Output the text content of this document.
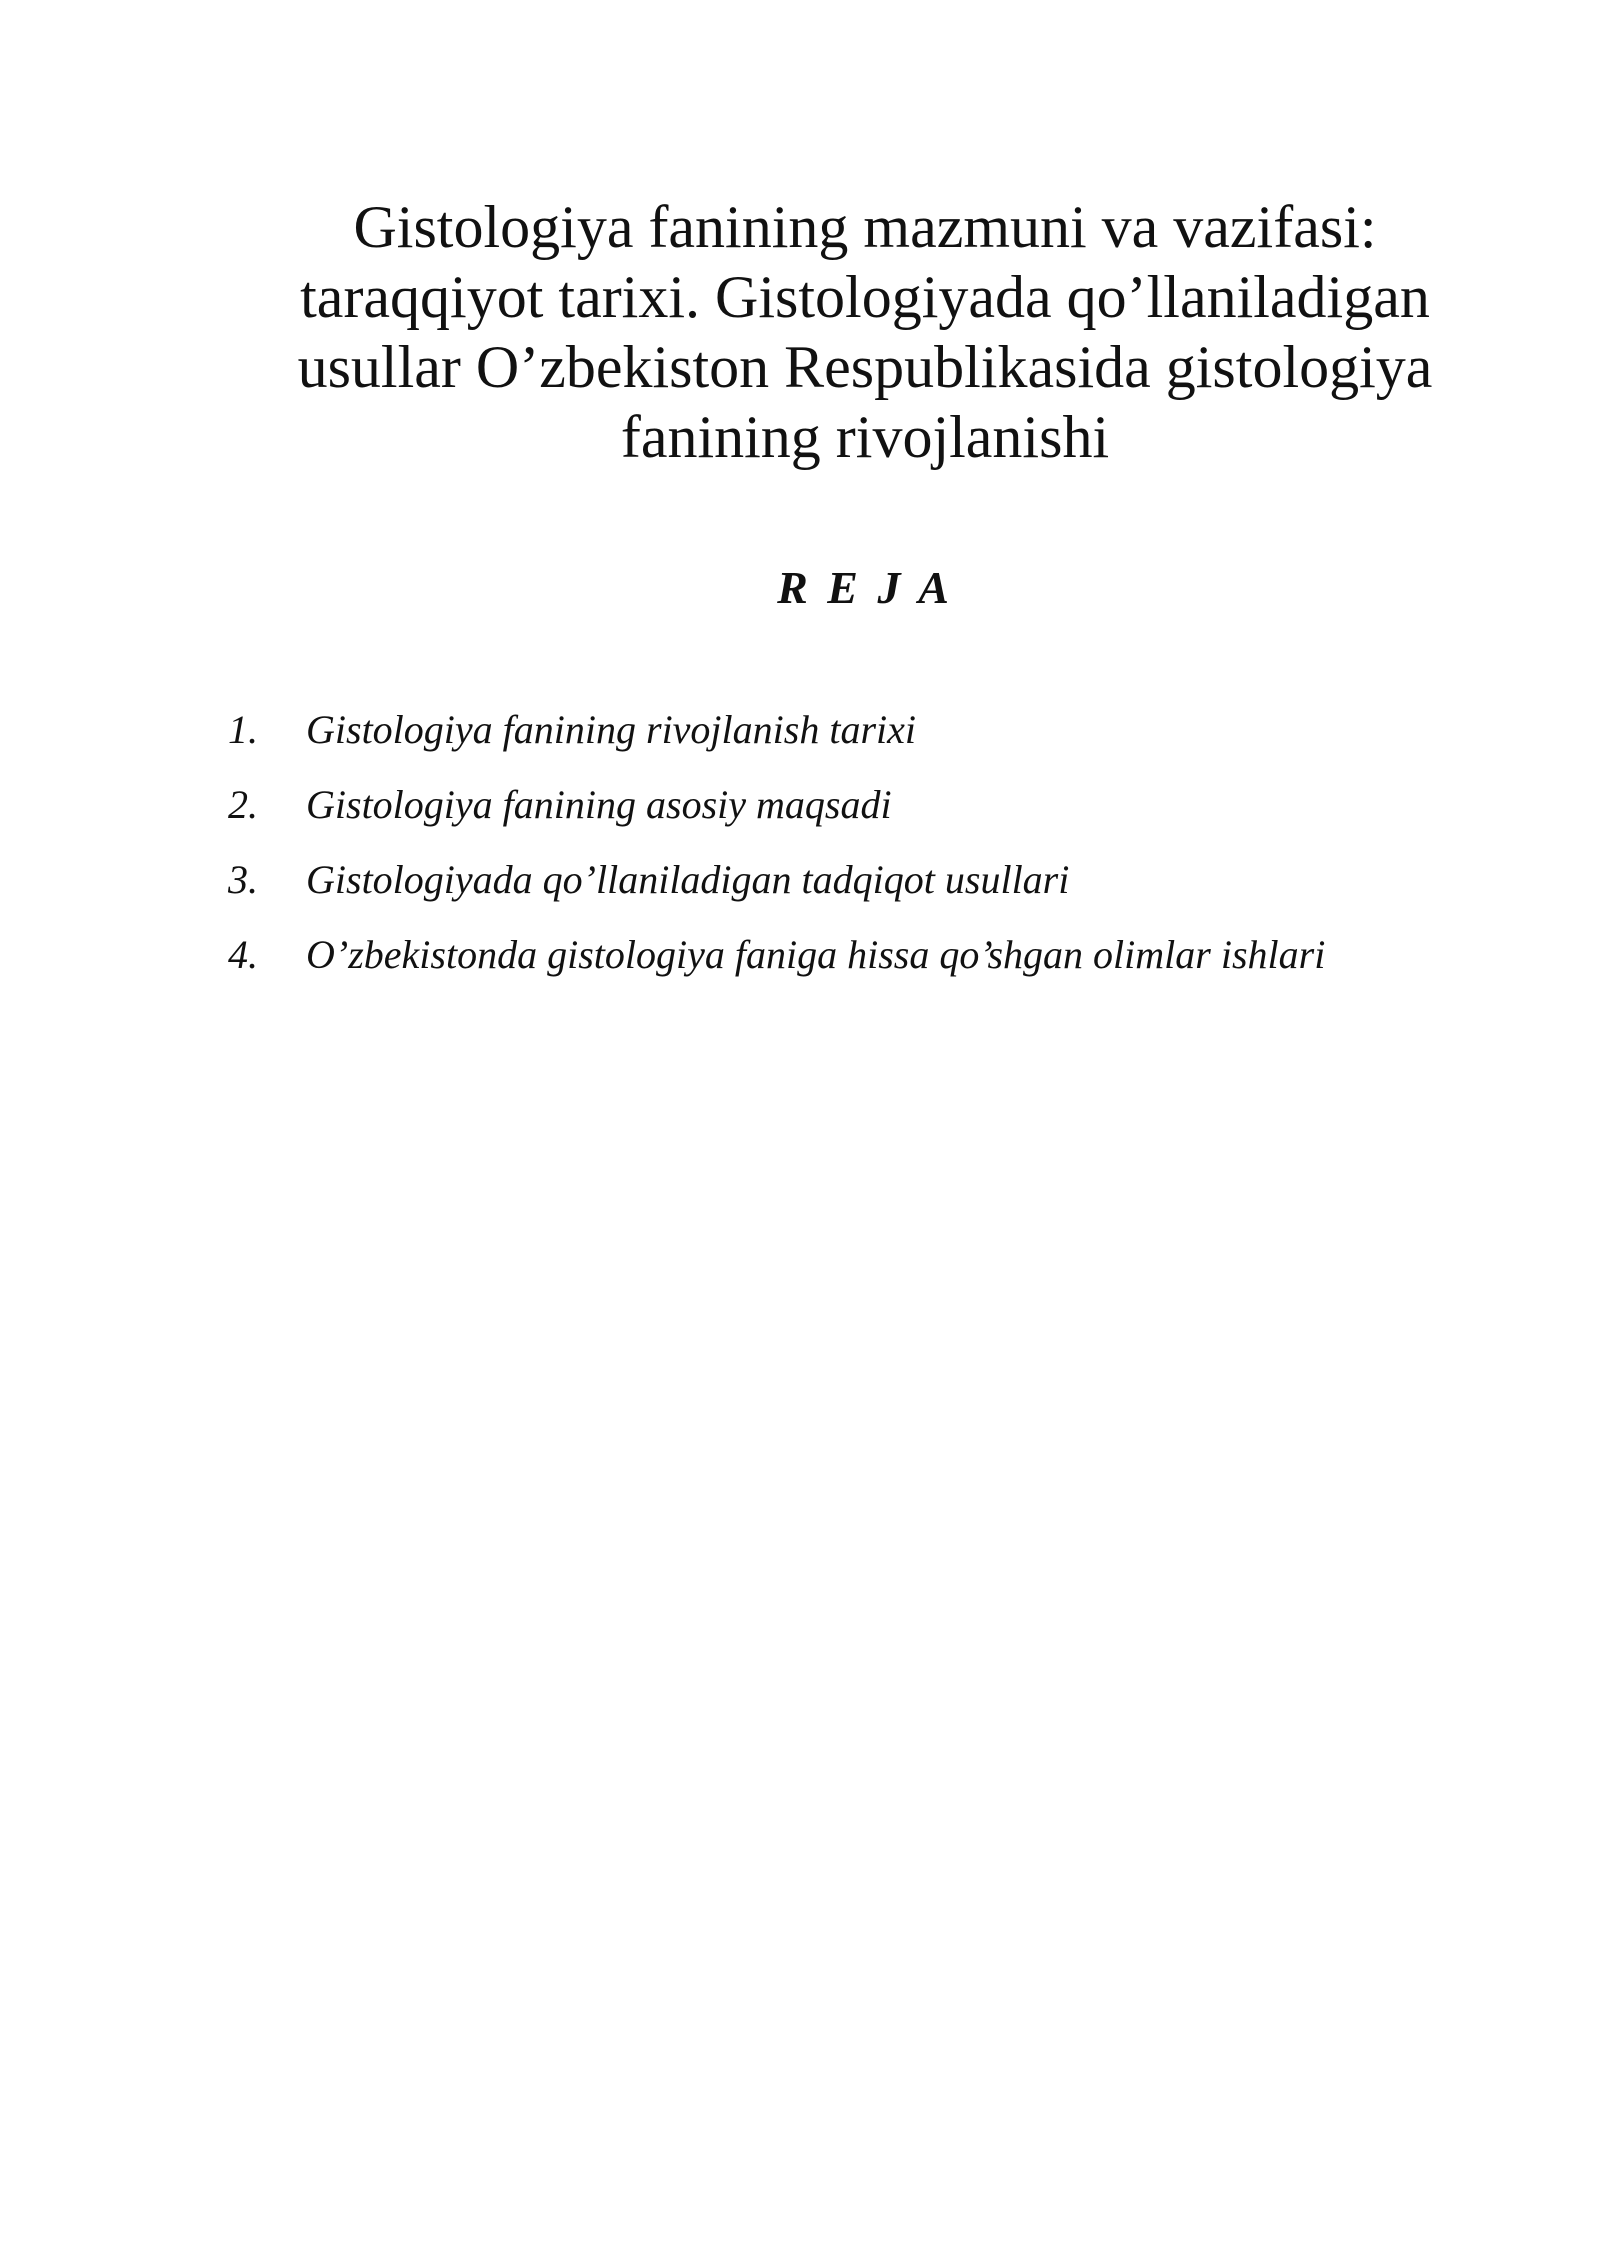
Gistologiya fanining mazmuni va vazifasi:
taraqqiyot tarixi. Gistologiyada qo’llaniladigan
usullar O’zbekiston Respublikasida gistologiya
fanining rivojlanishi
R E J A
1. Gistologiya fanining rivojlanish tarixi
2. Gistologiya fanining asosiy maqsadi
3. Gistologiyada qo’llaniladigan tadqiqot usullari
4. O’zbekistonda gistologiya faniga hissa qo’shgan olimlar ishlari
